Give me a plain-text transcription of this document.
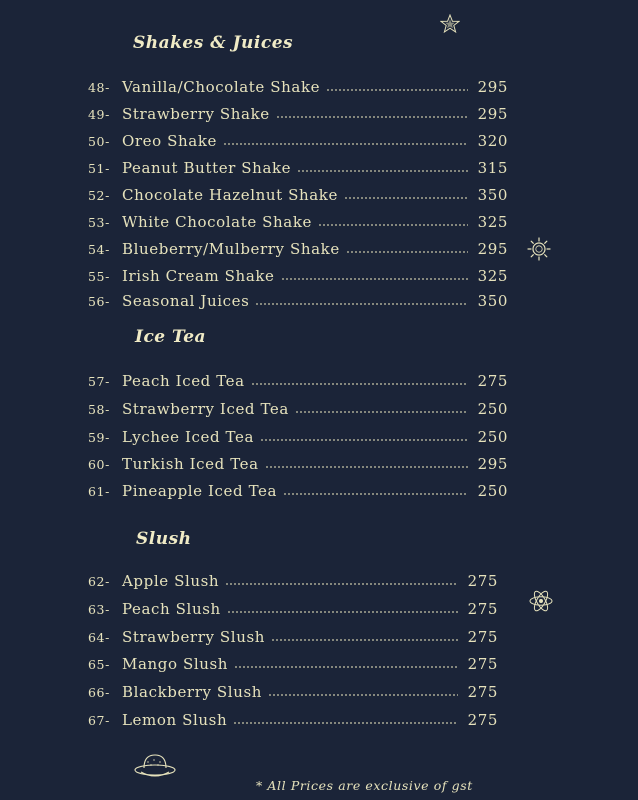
Shakes & Juices
48- Vanilla/Chocolate Shake	295
49- Strawberry Shake	295
50- Oreo Shake	320
51- Peanut Butter Shake	315
52- Chocolate Hazelnut Shake	350
53- White Chocolate Shake	325
54- Blueberry/Mulberry Shake	295
55- Irish Cream Shake	325
56- Seasonal Juices	350
Ice Tea
57- Peach Iced Tea	275
58- Strawberry Iced Tea	250
59- Lychee Iced Tea	250
60- Turkish Iced Tea	295
61- Pineapple Iced Tea	250
Slush
62- Apple Slush	275
63- Peach Slush	275
64- Strawberry Slush	275
65- Mango Slush	275
66- Blackberry Slush	275
67- Lemon Slush	275
* All Prices are exclusive of gst
